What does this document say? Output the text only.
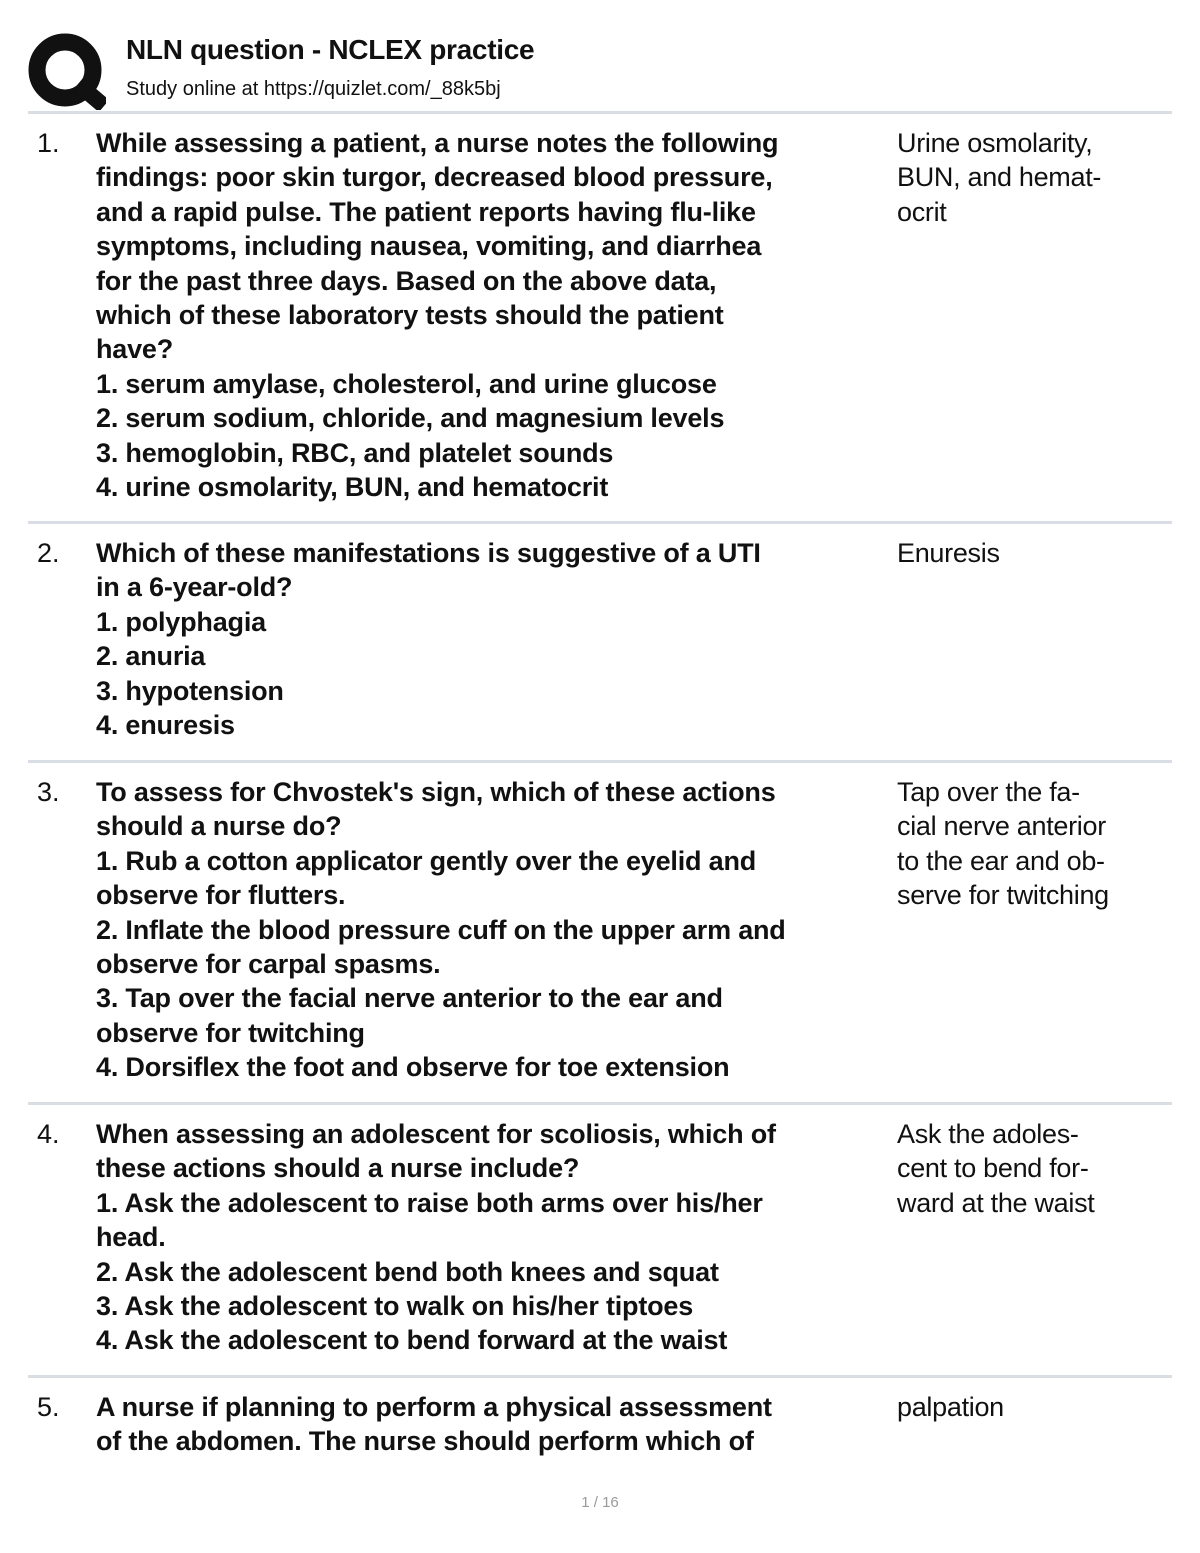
NLN question - NCLEX practice
Study online at https://quizlet.com/_88k5bj
1. While assessing a patient, a nurse notes the following
findings: poor skin turgor, decreased blood pressure,
and a rapid pulse. The patient reports having flu-like
symptoms, including nausea, vomiting, and diarrhea
for the past three days. Based on the above data,
which of these laboratory tests should the patient
have?
1. serum amylase, cholesterol, and urine glucose
2. serum sodium, chloride, and magnesium levels
3. hemoglobin, RBC, and platelet sounds
4. urine osmolarity, BUN, and hematocrit
Urine osmolarity,
BUN, and hemat-
ocrit
2. Which of these manifestations is suggestive of a UTI
in a 6-year-old?
1. polyphagia
2. anuria
3. hypotension
4. enuresis
Enuresis
3. To assess for Chvostek's sign, which of these actions
should a nurse do?
1. Rub a cotton applicator gently over the eyelid and
observe for flutters.
2. Inflate the blood pressure cuff on the upper arm and
observe for carpal spasms.
3. Tap over the facial nerve anterior to the ear and
observe for twitching
4. Dorsiflex the foot and observe for toe extension
Tap over the fa-
cial nerve anterior
to the ear and ob-
serve for twitching
4. When assessing an adolescent for scoliosis, which of
these actions should a nurse include?
1. Ask the adolescent to raise both arms over his/her
head.
2. Ask the adolescent bend both knees and squat
3. Ask the adolescent to walk on his/her tiptoes
4. Ask the adolescent to bend forward at the waist
Ask the adoles-
cent to bend for-
ward at the waist
5. A nurse if planning to perform a physical assessment
of the abdomen. The nurse should perform which of
palpation
1 / 16
